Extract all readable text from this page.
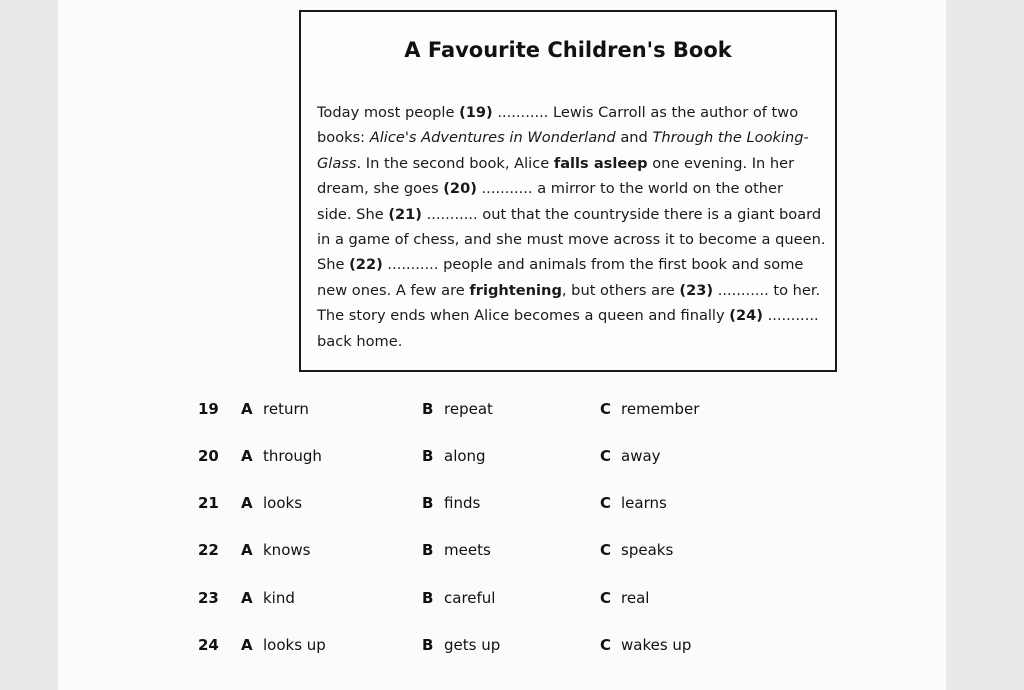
A Favourite Children's Book
Today most people (19) ........... Lewis Carroll as the author of two
books: Alice's Adventures in Wonderland and Through the Looking-
Glass. In the second book, Alice falls asleep one evening. In her
dream, she goes (20) ........... a mirror to the world on the other
side. She (21) ........... out that the countryside there is a giant board
in a game of chess, and she must move across it to become a queen.
She (22) ........... people and animals from the first book and some
new ones. A few are frightening, but others are (23) ........... to her.
The story ends when Alice becomes a queen and finally (24) ...........
back home.
19 A return	B repeat	C remember
20 A through	B along	C away
21 A looks	B finds	C learns
22 A knows	B meets	C speaks
23 A kind	B careful	C real
24 A looks up	B gets up	C wakes up
